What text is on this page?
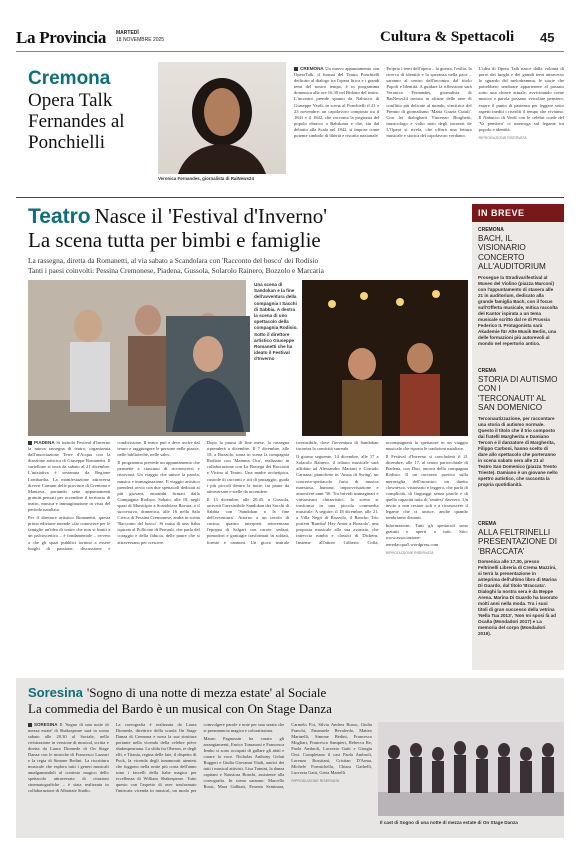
La Provincia MARTEDÌ
18 NOVEMBRE 2025	Cultura & Spettacoli 45
Cremona
Opera Talk Fernandes al Ponchielli
Veronica Fernandes, giornalista di RaiNews24

CREMONA Un nuovo appuntamento con OperaTalk, il format del Teatro Ponchielli dedicato al dialogo tra l'opera lirica e i grandi temi del nostro tempo, è in programma domenica alle ore 16.30 nel Ridotto del teatro. L'incontro prende spunto da Nabucco di Giuseppe Verdi, in scena al Ponchielli il 21 e 23 novembre: un capolavoro composto tra il 1841 e il 1842, che racconta la prigionia del popolo ebraico a Babilonia e che, sin dal debutto alla Scala nel 1842, si impose come potente simbolo di libertà e riscatto nazionale.

Proprio i temi dell'opera – la guerra, l'esilio, la ricerca di identità e la speranza nella pace – saranno al centro dell'incontro dal titolo Popoli e Identità. A guidare la riflessione sarà Veronica Fernandes, giornalista di RaiNews24 inviata in alcune delle aree di conflitto più delicate al mondo, vincitrice del Premio di giornalismo 'Maria Grazia Cutuli'. Con lei dialogherà Vincenzo Borghetti, musicologo e volto noto degli incontri de L'Opera si rivela, che offrirà una lettura musicale e storica del capolavoro verdiano.

L'idea di Opera Talk nasce dalla volontà di porre dei luoghi e dei grandi temi attraverso lo sguardo del melodramma, le storie che potrebbero sembrare appartenere al passato sotto una chiave attuale, avvicinando come musica e parola possano veicolare pensiero, essere il punto di partenza per leggere sotto aspetti inediti i risvolti il tempo che viviamo. Il Nabucco di Verdi con le celebri corde del 'Va pensiero' ci interroga sul legame tra popolo e identità.

RIPRODUZIONE RISERVATA

Teatro Nasce il 'Festival d'Inverno'
La scena tutta per bimbi e famiglie
La rassegna, diretta da Romanetti, al via sabato a Scandolara con 'Racconto del bosco' dei Rodisio
Tanti i paesi coinvolti: Pessina Cremonese, Piadena, Gussola, Solarolo Rainero, Bozzolo e Marcaria
Una scena di Sandokan e la fine dell'avventura della compagnia I Sacchi di Sabbia. A destra la scena di uno spettacolo della compagnia Rodisio. Sotto il direttore artistico Giuseppe Romanetti che ha ideato il Festival d'Inverno

PIADENA Si intitola Festival d'Inverno la nuova rassegna di teatro, organizzata dall'associazione Terre d'Acqua con la direzione artistica di Giuseppe Romanetti. Il cartellone si terrà da sabato al 21 dicembre. L'iniziativa è sostenuta da Regione Lombardia. La manifestazione attraversa diversi Comuni delle province di Cremona e Mantova, portando sette appuntamenti gratuiti pensati per accendere il territorio di teatro, musica e immaginazione in vista del periodo natalizio.

Per il direttore artistico Romanetti, questa prima edizione intende «far conoscere per le famiglie un'idea di teatro che non si limiti a un palcoscenico – è fondamentale – ovvero a che gli spazi pubblici tornino a essere luoghi di passione, discussione e condivisione. Il teatro può e deve uscire dal teatro e raggiungere le persone nelle piazze, nelle biblioteche, nelle sale».

Il programma prevede un appuntamento che permette a ciascuno di riconoscersi e ritrovarsi. Un viaggio che unisce la parola, musica e immaginazione. Il viaggio artistico prenderà avvio con due spettacoli dedicati ai più giovani, entrambi firmati dalla Compagnia Rodisio. Sabato, alle 18, negli spazi di Municipio a Scandolara Ravara, e il successivo, domenica, alle 16 nella Sala Civica di Pessina Cremonese, andrà in scena 'Racconto del bosco'. Si tratta di una fiaba ispirata al Pollicino di Perrault, che parla del coraggio e della fiducia, delle paure che si attraversano per crescere.

Dopo la pausa di fine mese, la rassegna riprenderà a dicembre. Il 7 dicembre, alle 18, a Bozzolo, torna in scena la compagnia Rodisio con 'Mamma Oca', realizzato in collaborazione con La Bottega dei Racconti e Vicino al Teatro. Una madre archetipica, custode di racconti e riti di passaggio, guida i più piccoli dentro la notte, tra paure da attraversare e stelle da accendere.

Il 13 dicembre, alle 20.45, a Gussola, arriverà l'irresistibile Sandokan dei Sacchi di Sabbia con 'Sandokan o la fine dell'avventura'. Attorno a un tavolo di cucina, quattro interpreti reinventano l'epopea di Salgari con carote, sedani, pomodori e grattugie trasformati in soldati, foreste e cannoni. Un gioco teatrale irresistibile, dove l'avventura di Sandokan incontra la comicità surreale.

Il giorno seguente, 14 dicembre, alle 17 a Solarolo Rainero, il tributo musicale sarà affidato ad Alessandro Mariani e Corrado Caruana: pianoforte in 'Ansia di Swing', un concerto-spettacolo furto di musica maestosa, humour, improvvisazione e atmosfere anni '30. Tra brividi immaginari e virtuosismi chitarristici, la scena si trasforma in una piccola commedia musicale. A seguire, il 18 dicembre, alle 21, a Villa Negri di Bozzolo, il Rancho Trio porterà 'Rumba! Hay Amor a Bozzolo', una proposta musicale alla sua avarizia, che intreccia rumba e classici di Dickens. Insieme all'attore Gilberto Colla, accompagnerà lo spettatore in un viaggio musicale che riporta le tradizioni natalizie.

Il Festival d'Inverno si concluderà il 21 dicembre, alle 17, al teatro parrocchiale di Piadena, con Duo, ancora della compagnia Rodisio. Il un racconto poetico sulla meraviglia dell'incontro: un duetto clownesco, visionario e leggero, che parla di complicità, di linguaggi senza parole e di quella capacità tutta di 'sentirsi' davvero. Un invito a non restare soli e a riconoscere il legame che ci unisce, anche quando sembriamo distanti.

Informazioni: Tutti gli spettacoli sono gratuiti e aperti a tutti. Sito: www.associazione-terredacqua5.wordpress.com

RIPRODUZIONE RISERVATA

IN BREVE
CREMONA
BACH, IL VISIONARIO CONCERTO ALL'AUDITORIUM
Prosegue la Stradivarifestival al Museo del Violino (piazza Marconi) con l'appuntamento di stasera alle 21 in auditorium, dedicato alla grande famiglia Bach, con il focus sull'Offerta musicale, mitica raccolta del Kantor ispirata a un tema musicale scritto dal re di Prussia Federico II. Protagonista sarà Akademie für Alte Musik Berlin, una delle formazioni più autorevoli al mondo nel repertorio antico.
CREMA
STORIA DI AUTISMO CON I 'TERCONAUTI' AL SAN DOMENICO
Terconautizzazione, per raccontare una storia di autismo normale. Questo il titolo che il trio composto dai fratelli Margherita e Damiano Tercon e il danzatore di Margherita, Filippo Carboni, hanno scelto di dare allo spettacolo che porteranno in scena sabato sera alle 21 al Teatro San Domenico (piazza Trento Trieste). Damiano è un giovane nello spettro autistico, che racconta la propria quotidianità.
CREMA
ALLA FELTRINELLI PRESENTAZIONE DI 'BRACCATA'
Domenica alle 17.30, presso Feltrinelli Libreria di Crema Mazzini, si terrà la presentazione in anteprima dell'ultimo libro di Marina Di Guardo, dal titolo 'Braccata'. Dialoghi la nostra sera è da Beppe Arena. Marina Di Guardo ha lavorato molti anni nella moda. Tra i suoi titoli di gran successo della vetrina 'Nella Tua 2013', 'Non mi sposi là ad Ocaña (Mondadori 2017) e La memoria del corpo (Mondadori 2019).
Soresina 'Sogno di una notte di mezza estate' al Sociale
La commedia del Bardo è un musical con On Stage Danza

SORESINA Il 'Sogno di una notte di mezza estate' di Shakespeare sarà in scena sabato alle 20.30 al Sociale, nella rivisitazione in versione di musical, scritta e diretta da Laura Diomede di On Stage Danza con le musiche di Francesco Lazzari e la regia di Simone Bedini. La riscrittura musicale che esplora tutti i generi musicali amalgamandoli al contesto magico dello spettacolo attraversato di citazioni cinematografiche – è stata realizzata in collaborazione di Albatrate Studio.

La coreografia è realizzata da Laura Diomede, direttrice della scuola On Stage Danza di Cremona e nova la sua struttura portante nella vicenda della celebre pièce shakespeariana. La sfida fra Oberon, re degli elfi, e Titania, regina delle fate, il dispetto di Puck, la vicenda degli innamorati ateniesi che fuggono nella notte più corta dell'anno sono i fascelli della fiabe magica per eccellenza di William Shakespeare. Tutto questo con l'aspetto di aver trasformato l'intricata vicenda in musical, un modo per coinvolgere parole e note per una serata che si preannuncia magica e coloratissima.

Mauro Pagnossin ha curato gli arrangiamenti, Enrico Tomasoni e Francesca Irmbo si sono occupati di gallare gli abiti e curare la voce. Nicholas Anthony Gelati Ruggeri e Giulia Giovanni Vitali, autrici dei tutti i musical attivisti. Lisa Tumini, la danza capitani e Nausicaa Bonchi, assistente alla coreografia. In scena saranno: Marcello Rossi, Mara Galbiati, Ernesto Seminara, Carmelo Foi, Silvia Andrea Russo, Giulia Franchi, Emanuele Bevalerdo, Matteo Marinelli, Simone Bedini, Francesco Mogliari, Francesco Sampieri, Rebecca Re, Paola Ambroli, Lucrezia Gatti e Giorgia Orsi. Completano il cast Paola Ambroli, Lorenzo Rossitani, Cristian D'Arma, Michele Formichella, Chiara Garbelli, Lucrezia Gatti, Greta Martelli.

RIPRODUZIONE RISERVATA

Il cast di Sogno di una notte di mezza estate di On Stage Danza
